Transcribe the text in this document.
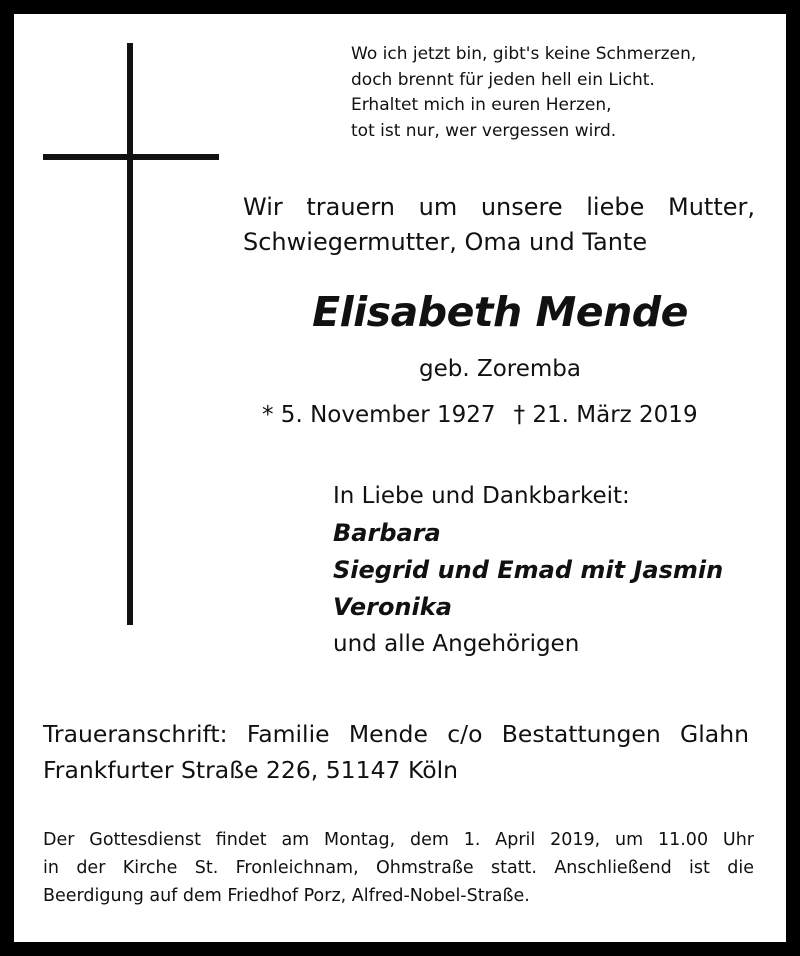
Wo ich jetzt bin, gibt's keine Schmerzen,
doch brennt für jeden hell ein Licht.
Erhaltet mich in euren Herzen,
tot ist nur, wer vergessen wird.
Wir trauern um unsere liebe Mutter,
Schwiegermutter, Oma und Tante
Elisabeth Mende
geb. Zoremba
* 5. November 1927 † 21. März 2019
In Liebe und Dankbarkeit:
Barbara
Siegrid und Emad mit Jasmin
Veronika
und alle Angehörigen
Traueranschrift: Familie Mende c/o Bestattungen Glahn
Frankfurter Straße 226, 51147 Köln
Der Gottesdienst findet am Montag, dem 1. April 2019, um 11.00 Uhr
in der Kirche St. Fronleichnam, Ohmstraße statt. Anschließend ist die
Beerdigung auf dem Friedhof Porz, Alfred-Nobel-Straße.
